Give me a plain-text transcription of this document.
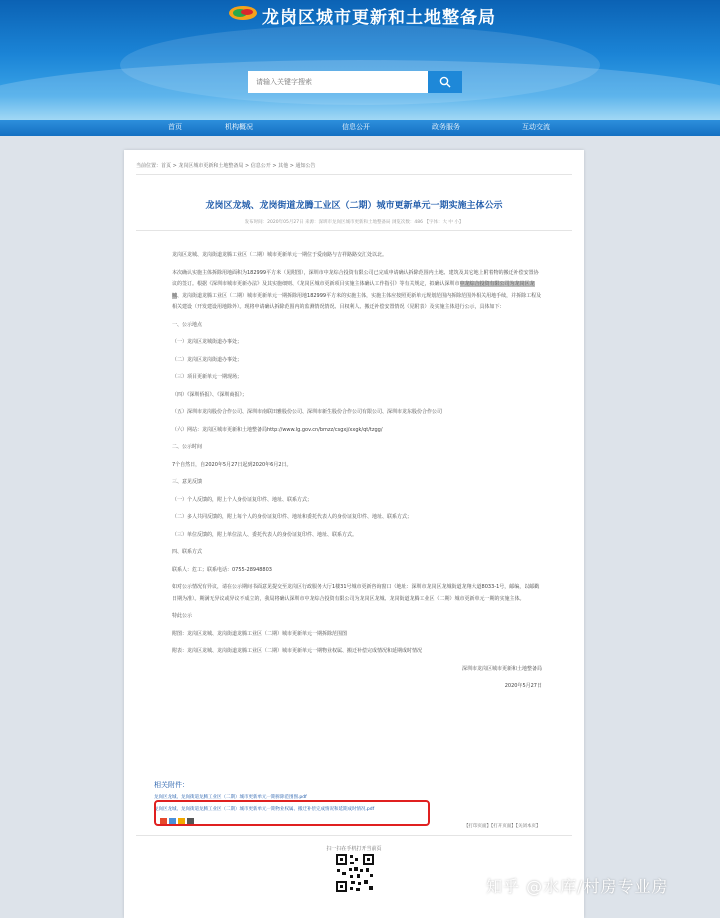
龙岗区城市更新和土地整备局
请输入关键字搜索
首页	机构概况	信息公开	政务服务	互动交流
当前位置：首页 > 龙岗区城市更新和土地整备局 > 信息公开 > 其他 > 通知公告
龙岗区龙城、龙岗街道龙腾工业区（二期）城市更新单元一期实施主体公示
发布时间：2020年05月27日 来源：深圳市龙岗区城市更新和土地整备局 浏览次数：486 【字体：大 中 小】

龙岗区龙城、龙岗街道龙腾工业区（二期）城市更新单元一期位于爱南路与吉祥路路交汇处以北。

本次确认实施主体拆除用地面积为182999平方米（见附图），深圳市中龙综合投资有限公司已完成申请确认拆除范围内土地、建筑及其它地上附着物的搬迁补偿安置协议的签订。根据《深圳市城市更新办法》及其实施细则、《龙岗区城市更新项目实施主体确认工作指引》等有关规定，拟确认深圳市中龙综合投资有限公司为龙岗区龙城、龙岗街道龙腾工业区（二期）城市更新单元一期拆除用地182999平方米的实施主体，实施主体应按照更新单元规划范围内拆除范围外相关用地手续，并拆除工程及相关建设（开发建设用地除外）。现将申请确认拆除范围内的监测情况情况、目权利人、搬迁补偿安置情况（见附表）及实施主体进行公示，具体如下：

一、公示地点

（一）龙岗区龙城街道办事处；

（二）龙岗区龙岗街道办事处；

（三）项目更新单元一期现场；

（四）《深圳侨报》、《深圳商报》；

（五）深圳市龙岗股份合作公司、深圳市南联田雅股份公司、深圳市新生股份合作公司有限公司、深圳市龙东股份合作公司

（六）网站：龙岗区城市更新和土地整备局http://www.lg.gov.cn/bmzz/csgxj/xxgk/qt/tzgg/

二、公示时间

7个自然日，自2020年5月27日起到2020年6月2日。

三、意见反馈

（一）个人反馈的，附上个人身份证复印件、地址、联系方式；

（二）多人共同反馈的，附上每个人的身份证复印件、地址和委托代表人的身份证复印件、地址、联系方式；

（三）单位反馈的，附上单位法人、委托代表人的身份证复印件、地址、联系方式。

四、联系方式

联系人：危工；联系电话：0755-28948803

如对公示情况有异议，请在公示期间书面意见提交至龙岗区行政服务大厅1楼31号城市更新咨询窗口（地址：深圳市龙岗区龙城街道龙翔大道8033-1号，邮编，以邮戳日期为准）。期满无异议或异议不成立的，我局将确认深圳市中龙综合投资有限公司为龙岗区龙城、龙岗街道龙腾工业区（二期）城市更新单元一期的实施主体。

特此公示

附图：龙岗区龙城、龙岗街道龙腾工业区（二期）城市更新单元一期拆除范围图

附表：龙岗区龙城、龙岗街道龙腾工业区（二期）城市更新单元一期物业权属、搬迁补偿完成情况和延期成时情况

深圳市龙岗区城市更新和土地整备局

2020年5月27日

相关附件：
龙岗区龙城、龙岗街道龙腾工业区（二期）城市更新单元一期拆除范围图.pdf
龙岗区龙城、龙岗街道龙腾工业区（二期）城市更新单元一期物业权属、搬迁补偿完成情况和延期成时情况.pdf
【打印页面】【打开页面】【关闭本页】
扫一扫在手机打开当前页
知乎 @水库/村房专业房
